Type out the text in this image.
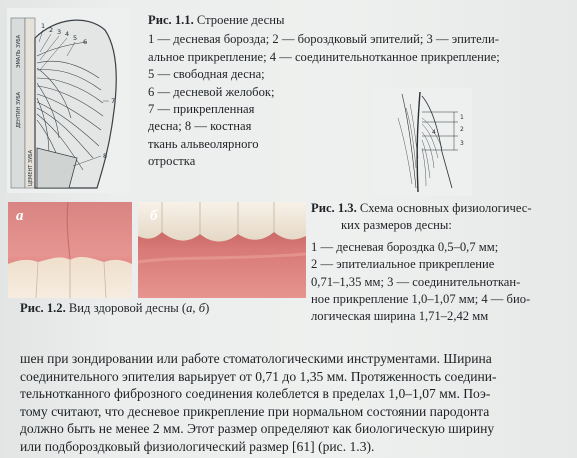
1 2 3 4 5 6
7
8
ЭМАЛЬ ЗУБА
ДЕНТИН ЗУБА
ЦЕМЕНТ ЗУБА
Рис. 1.1. Строение десны
1 — десневая борозда; 2 — бороздковый эпителий; 3 — эпители-
альное прикрепление; 4 — соединительнотканное прикрепление;
5 — свободная десна;
6 — десневой желобок;
7 — прикрепленная
десна; 8 — костная
ткань альвеолярного
отростка
1
2
3
4
а	б
Рис. 1.2. Вид здоровой десны (а, б)
Рис. 1.3. Схема основных физиологичес-
ких размеров десны:
1 — десневая бороздка 0,5–0,7 мм;
2 — эпителиальное прикрепление
0,71–1,35 мм; 3 — соединительноткан-
ное прикрепление 1,0–1,07 мм; 4 — био-
логическая ширина 1,71–2,42 мм
шен при зондировании или работе стоматологическими инструментами. Ширина
соединительного эпителия варьирует от 0,71 до 1,35 мм. Протяженность соедини-
тельнотканного фиброзного соединения колеблется в пределах 1,0–1,07 мм. Поэ-
тому считают, что десневое прикрепление при нормальном состоянии пародонта
должно быть не менее 2 мм. Этот размер определяют как биологическую ширину
или подбороздковый физиологический размер [61] (рис. 1.3).
